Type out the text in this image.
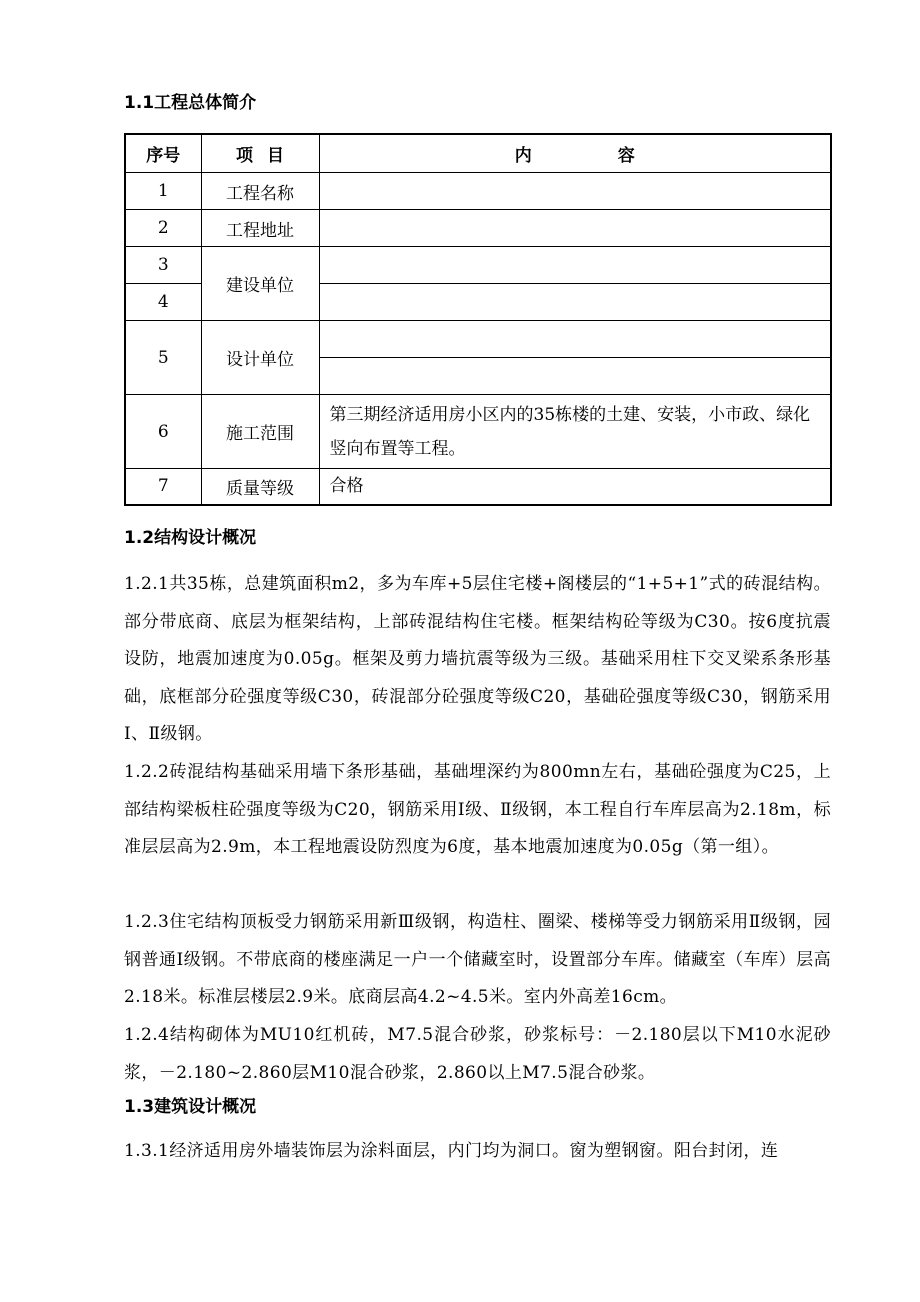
1.1工程总体简介
序号	项 目	内 容
1	工程名称	
2	工程地址	
3	建设单位	
4		
5	设计单位	

6	施工范围	第三期经济适用房小区内的35栋楼的土建、安装，小市政、绿化竖向布置等工程。
7	质量等级	合格
1.2结构设计概况

1.2.1共35栋，总建筑面积m2，多为车库+5层住宅楼+阁楼层的“1+5+1”式的砖混结构。部分带底商、底层为框架结构，上部砖混结构住宅楼。框架结构砼等级为C30。按6度抗震设防，地震加速度为0.05g。框架及剪力墙抗震等级为三级。基础采用柱下交叉梁系条形基础，底框部分砼强度等级C30，砖混部分砼强度等级C20，基础砼强度等级C30，钢筋采用Ⅰ、Ⅱ级钢。

1.2.2砖混结构基础采用墙下条形基础，基础埋深约为800mn左右，基础砼强度为C25，上部结构梁板柱砼强度等级为C20，钢筋采用Ⅰ级、Ⅱ级钢，本工程自行车库层高为2.18m，标准层层高为2.9m，本工程地震设防烈度为6度，基本地震加速度为0.05g（第一组）。

1.2.3住宅结构顶板受力钢筋采用新Ⅲ级钢，构造柱、圈梁、楼梯等受力钢筋采用Ⅱ级钢，园钢普通Ⅰ级钢。不带底商的楼座满足一户一个储藏室时，设置部分车库。储藏室（车库）层高2.18米。标准层楼层2.9米。底商层高4.2~4.5米。室内外高差16cm。

1.2.4结构砌体为MU10红机砖，M7.5混合砂浆，砂浆标号：－2.180层以下M10水泥砂浆，－2.180~2.860层M10混合砂浆，2.860以上M7.5混合砂浆。

1.3建筑设计概况

1.3.1经济适用房外墙装饰层为涂料面层，内门均为洞口。窗为塑钢窗。阳台封闭，连
